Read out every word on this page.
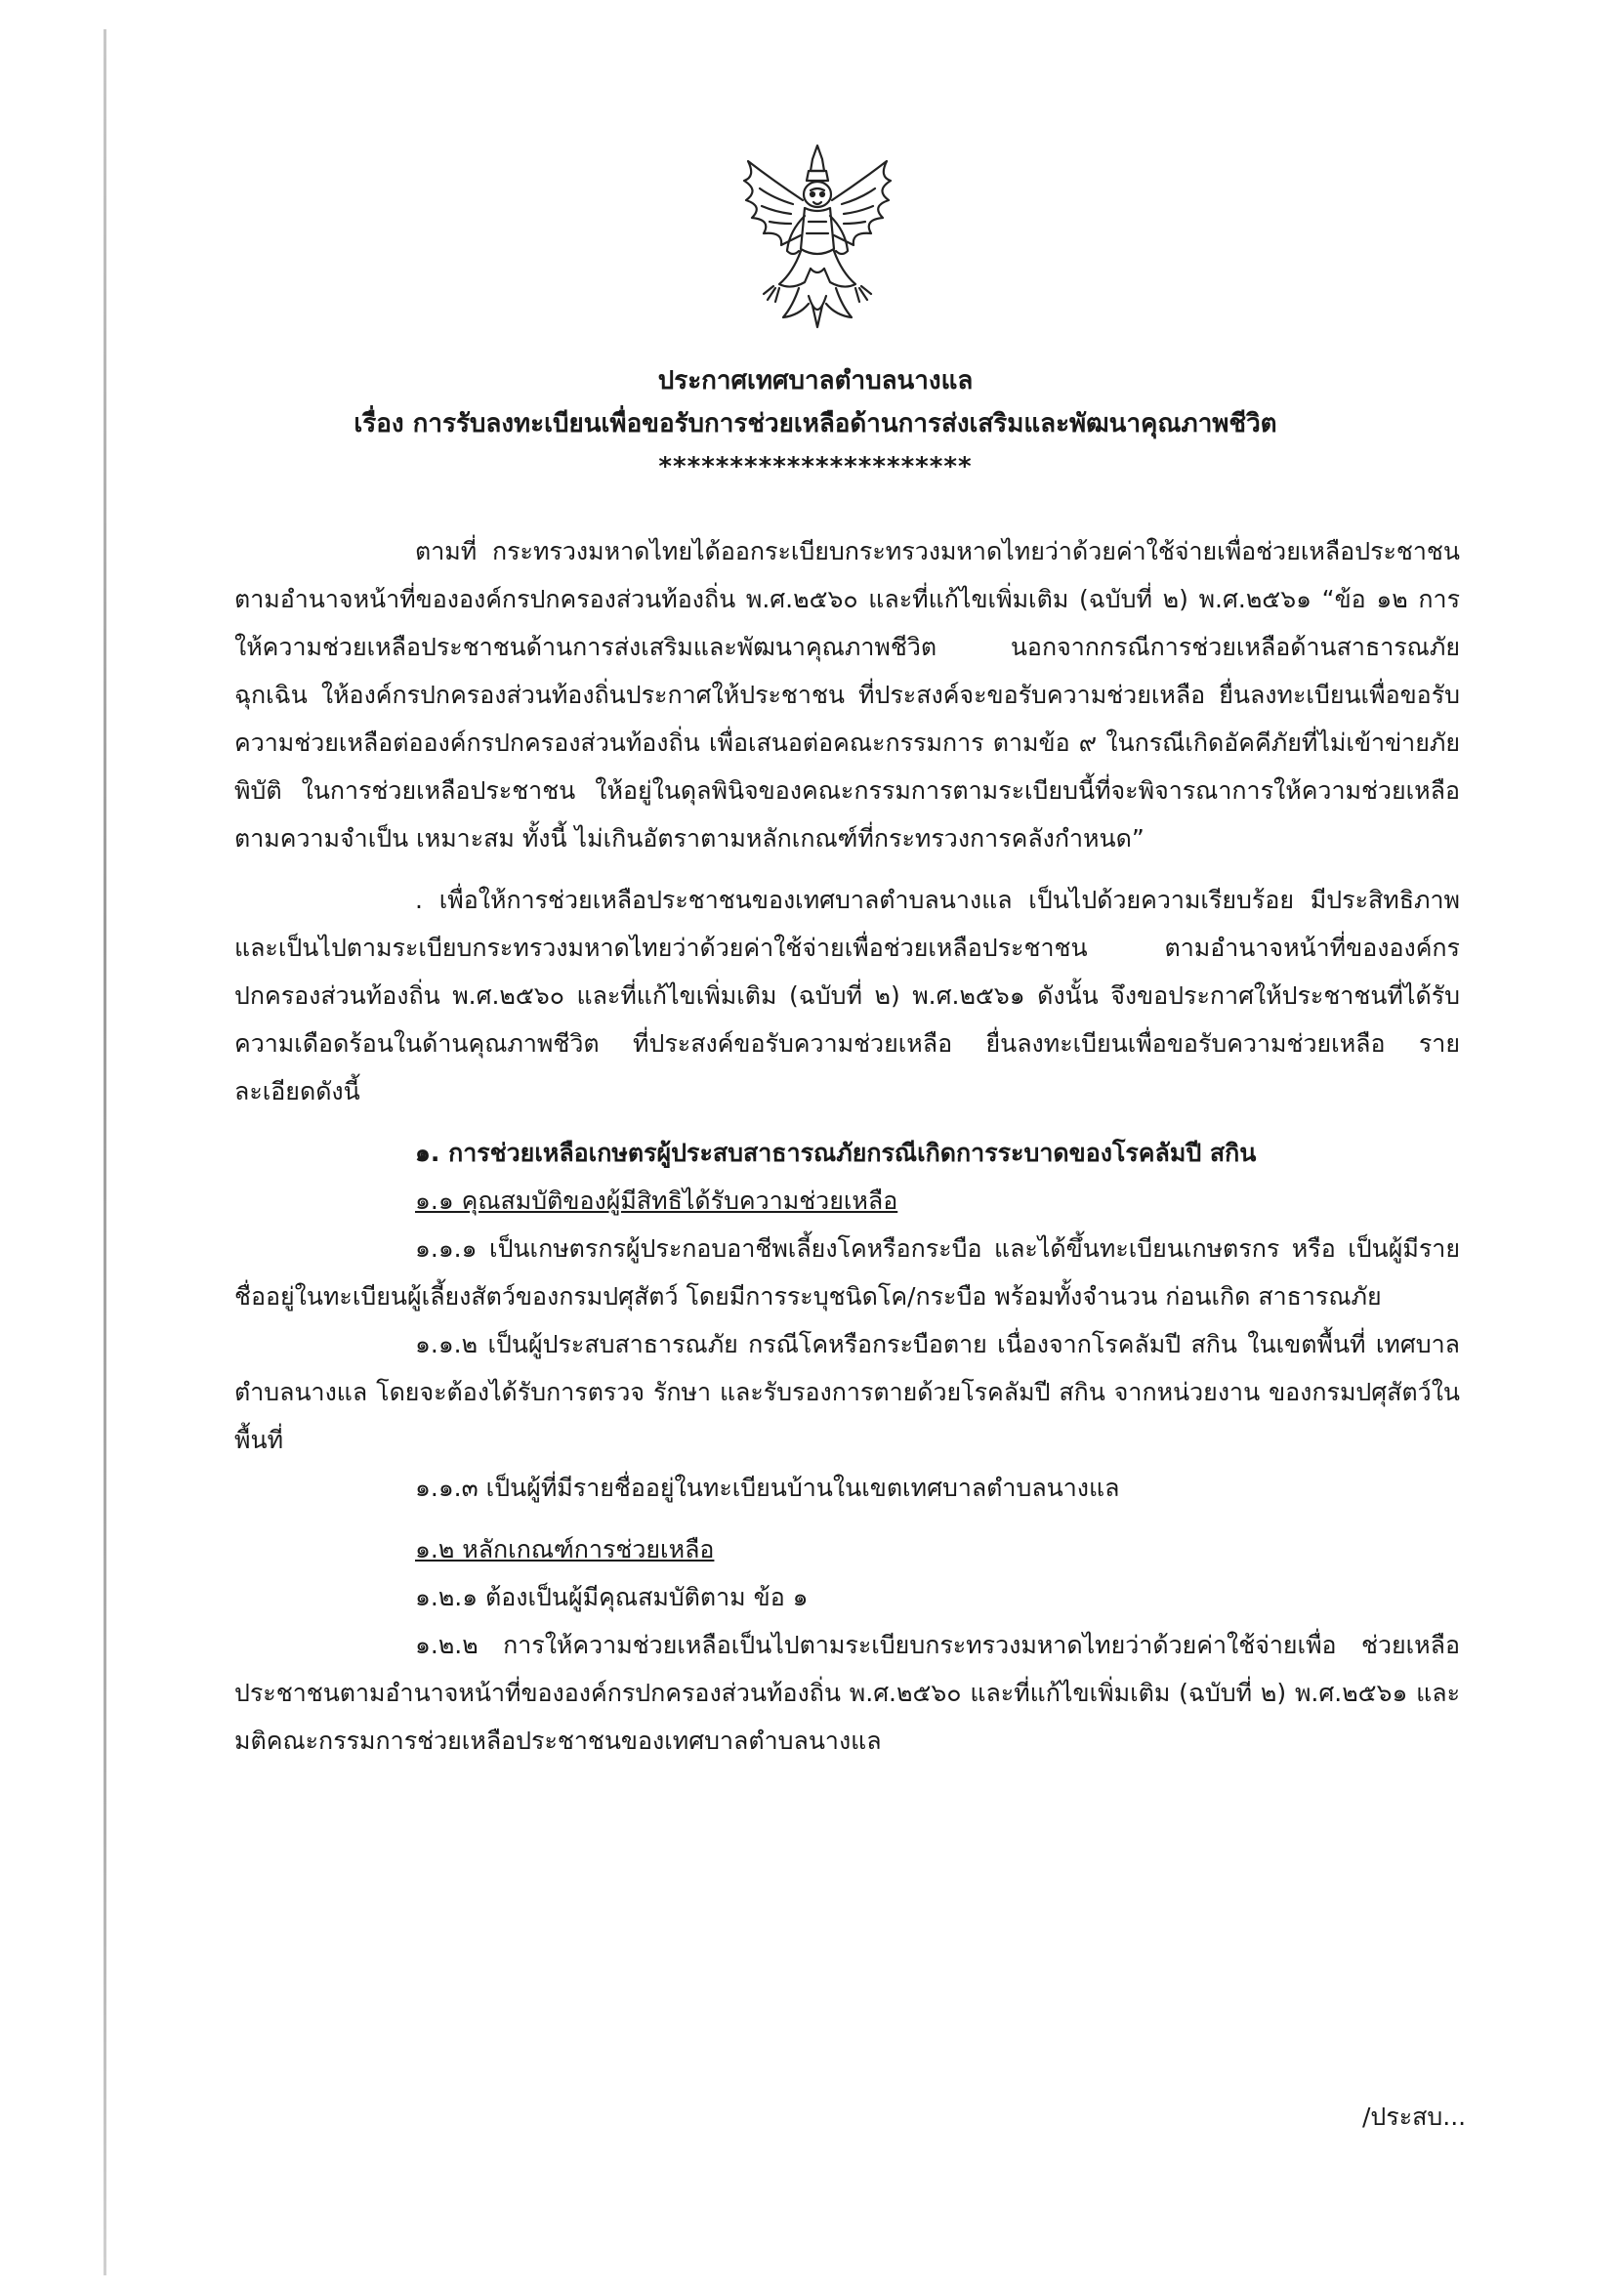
ประกาศเทศบาลตำบลนางแล
เรื่อง การรับลงทะเบียนเพื่อขอรับการช่วยเหลือด้านการส่งเสริมและพัฒนาคุณภาพชีวิต
**********************

ตามที่ กระทรวงมหาดไทยได้ออกระเบียบกระทรวงมหาดไทยว่าด้วยค่าใช้จ่ายเพื่อช่วยเหลือประชาชน ตามอำนาจหน้าที่ขององค์กรปกครองส่วนท้องถิ่น พ.ศ.๒๕๖๐ และที่แก้ไขเพิ่มเติม (ฉบับที่ ๒) พ.ศ.๒๕๖๑ “ข้อ ๑๒ การให้ความช่วยเหลือประชาชนด้านการส่งเสริมและพัฒนาคุณภาพชีวิต นอกจากกรณีการช่วยเหลือด้านสาธารณภัยฉุกเฉิน ให้องค์กรปกครองส่วนท้องถิ่นประกาศให้ประชาชน ที่ประสงค์จะขอรับความช่วยเหลือ ยื่นลงทะเบียนเพื่อขอรับความช่วยเหลือต่อองค์กรปกครองส่วนท้องถิ่น เพื่อเสนอต่อคณะกรรมการ ตามข้อ ๙ ในกรณีเกิดอัคคีภัยที่ไม่เข้าข่ายภัยพิบัติ ในการช่วยเหลือประชาชน ให้อยู่ในดุลพินิจของคณะกรรมการตามระเบียบนี้ที่จะพิจารณาการให้ความช่วยเหลือตามความจำเป็น เหมาะสม ทั้งนี้ ไม่เกินอัตราตามหลักเกณฑ์ที่กระทรวงการคลังกำหนด”

. เพื่อให้การช่วยเหลือประชาชนของเทศบาลตำบลนางแล เป็นไปด้วยความเรียบร้อย มีประสิทธิภาพ และเป็นไปตามระเบียบกระทรวงมหาดไทยว่าด้วยค่าใช้จ่ายเพื่อช่วยเหลือประชาชน ตามอำนาจหน้าที่ขององค์กรปกครองส่วนท้องถิ่น พ.ศ.๒๕๖๐ และที่แก้ไขเพิ่มเติม (ฉบับที่ ๒) พ.ศ.๒๕๖๑ ดังนั้น จึงขอประกาศให้ประชาชนที่ได้รับความเดือดร้อนในด้านคุณภาพชีวิต ที่ประสงค์ขอรับความช่วยเหลือ ยื่นลงทะเบียนเพื่อขอรับความช่วยเหลือ รายละเอียดดังนี้

๑. การช่วยเหลือเกษตรผู้ประสบสาธารณภัยกรณีเกิดการระบาดของโรคลัมปี สกิน

๑.๑ คุณสมบัติของผู้มีสิทธิได้รับความช่วยเหลือ

๑.๑.๑ เป็นเกษตรกรผู้ประกอบอาชีพเลี้ยงโคหรือกระบือ และได้ขึ้นทะเบียนเกษตรกร หรือ เป็นผู้มีรายชื่ออยู่ในทะเบียนผู้เลี้ยงสัตว์ของกรมปศุสัตว์ โดยมีการระบุชนิดโค/กระบือ พร้อมทั้งจำนวน ก่อนเกิด สาธารณภัย

๑.๑.๒ เป็นผู้ประสบสาธารณภัย กรณีโคหรือกระบือตาย เนื่องจากโรคลัมปี สกิน ในเขตพื้นที่ เทศบาลตำบลนางแล โดยจะต้องได้รับการตรวจ รักษา และรับรองการตายด้วยโรคลัมปี สกิน จากหน่วยงาน ของกรมปศุสัตว์ในพื้นที่

๑.๑.๓ เป็นผู้ที่มีรายชื่ออยู่ในทะเบียนบ้านในเขตเทศบาลตำบลนางแล

๑.๒ หลักเกณฑ์การช่วยเหลือ

๑.๒.๑ ต้องเป็นผู้มีคุณสมบัติตาม ข้อ ๑

๑.๒.๒ การให้ความช่วยเหลือเป็นไปตามระเบียบกระทรวงมหาดไทยว่าด้วยค่าใช้จ่ายเพื่อ ช่วยเหลือประชาชนตามอำนาจหน้าที่ขององค์กรปกครองส่วนท้องถิ่น พ.ศ.๒๕๖๐ และที่แก้ไขเพิ่มเติม (ฉบับที่ ๒) พ.ศ.๒๕๖๑ และมติคณะกรรมการช่วยเหลือประชาชนของเทศบาลตำบลนางแล

/ประสบ...
